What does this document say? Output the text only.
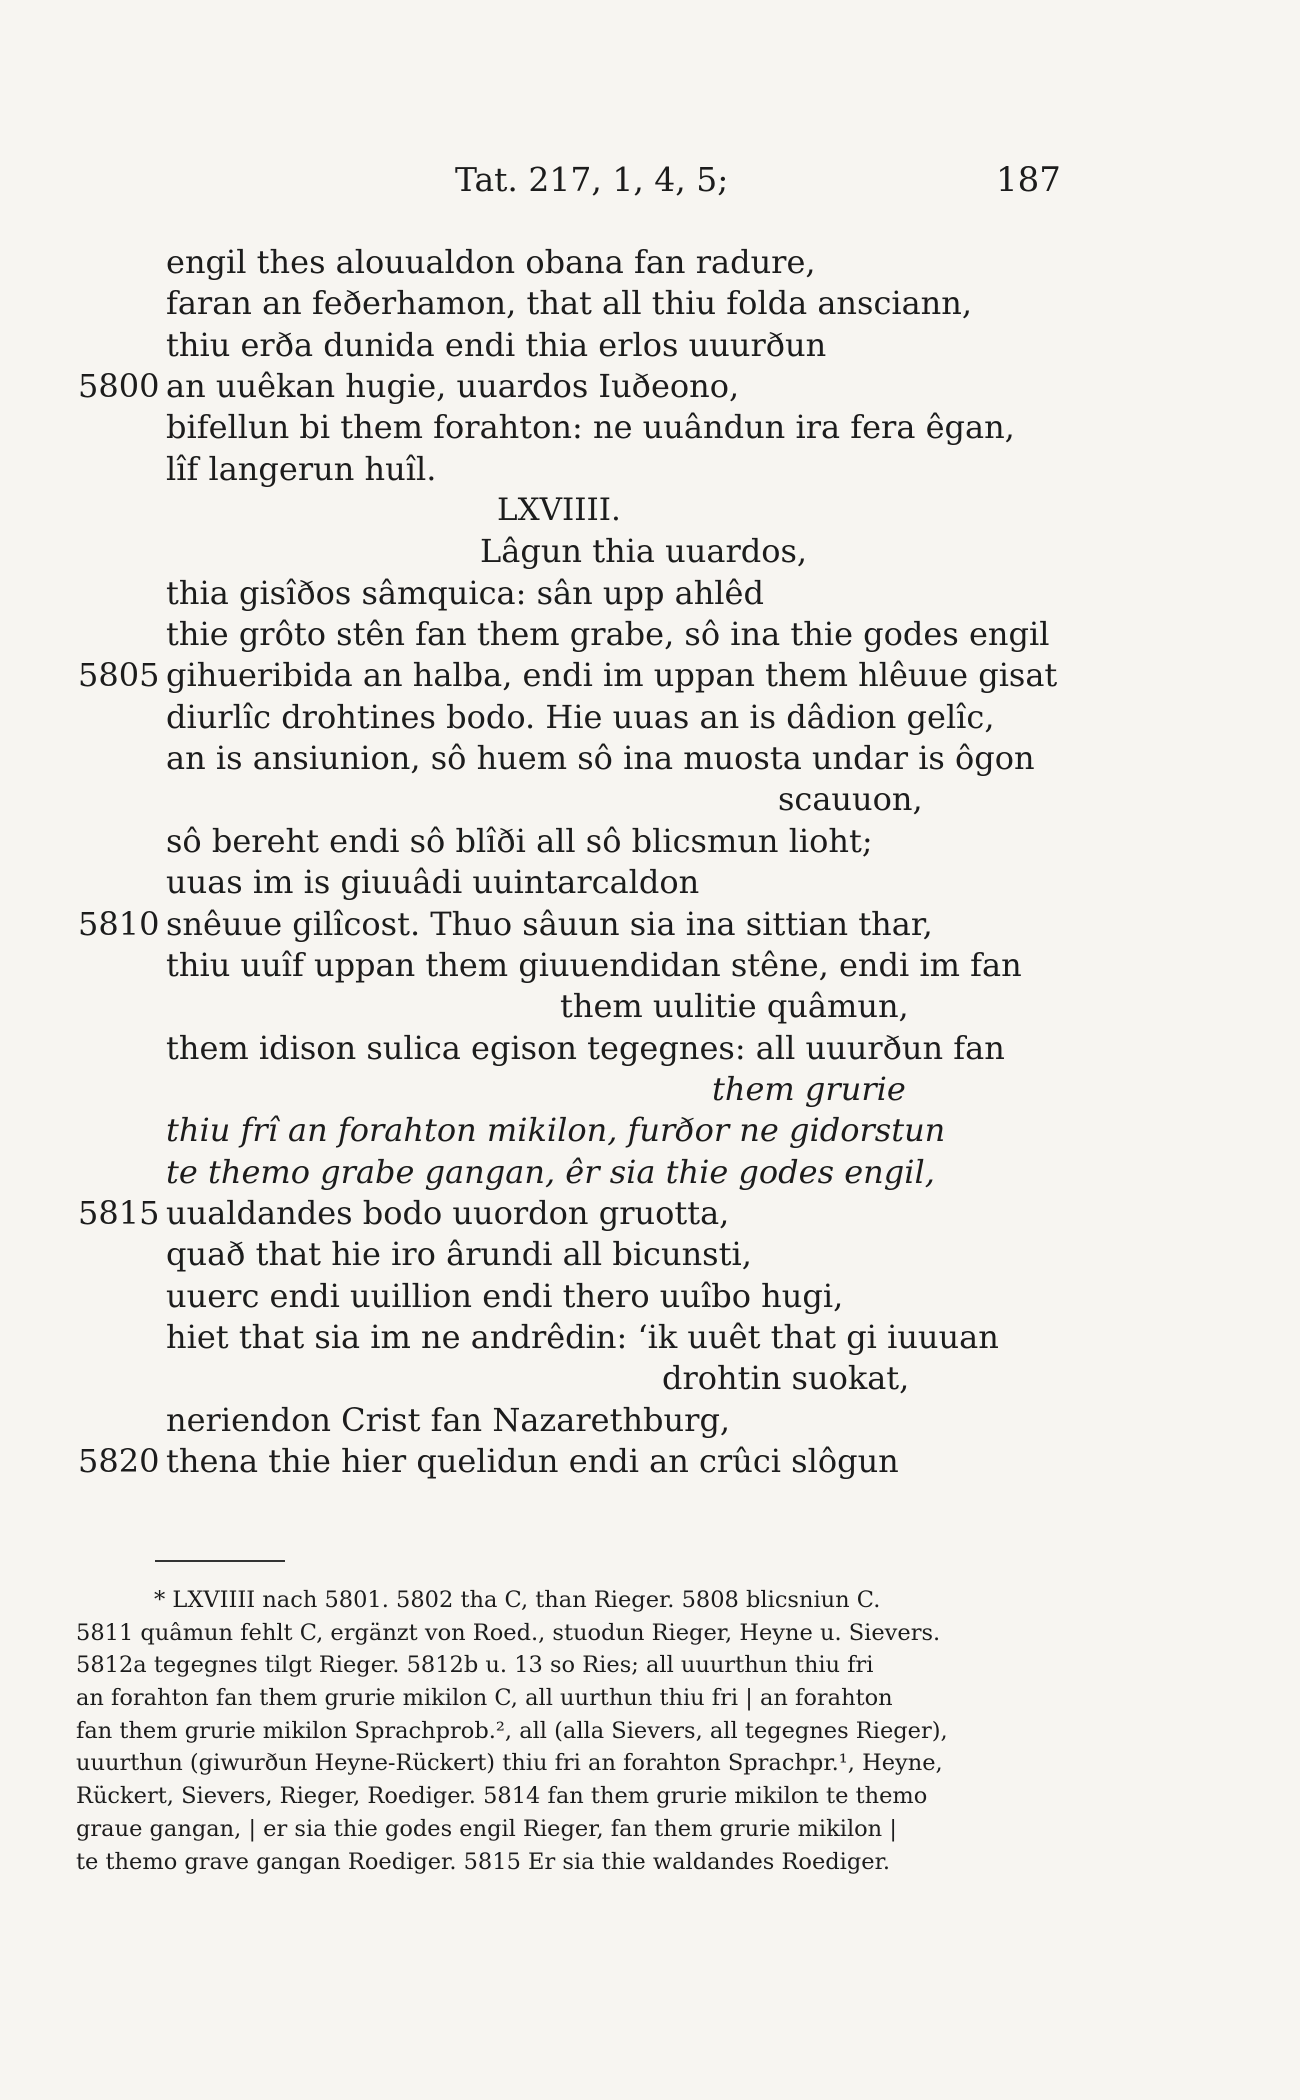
Tat. 217, 1, 4, 5;	187
engil thes alouualdon obana fan radure,
faran an feðerhamon, that all thiu folda ansciann,
thiu erða dunida endi thia erlos uuurðun
5800 an uuêkan hugie, uuardos Iuðeono,
bifellun bi them forahton: ne uuândun ira fera êgan,
lîf langerun huîl.
LXVIIII.
Lâgun thia uuardos,
thia gisîðos sâmquica: sân upp ahlêd
thie grôto stên fan them grabe, sô ina thie godes engil
5805 gihueribida an halba, endi im uppan them hlêuue gisat
diurlîc drohtines bodo. Hie uuas an is dâdion gelîc,
an is ansiunion, sô huem sô ina muosta undar is ôgon
scauuon,
sô bereht endi sô blîði all sô blicsmun lioht;
uuas im is giuuâdi uuintarcaldon
5810 snêuue gilîcost. Thuo sâuun sia ina sittian thar,
thiu uuîf uppan them giuuendidan stêne, endi im fan
them uulitie quâmun,
them idison sulica egison tegegnes: all uuurðun fan
them grurie
thiu frî an forahton mikilon, furðor ne gidorstun
te themo grabe gangan, êr sia thie godes engil,
5815 uualdandes bodo uuordon gruotta,
quað that hie iro ârundi all bicunsti,
uuerc endi uuillion endi thero uuîbo hugi,
hiet that sia im ne andrêdin: ‘ik uuêt that gi iuuuan
drohtin suokat,
neriendon Crist fan Nazarethburg,
5820 thena thie hier quelidun endi an crûci slôgun
* LXVIIII nach 5801. 5802 tha C, than Rieger. 5808 blicsniun C.
5811 quâmun fehlt C, ergänzt von Roed., stuodun Rieger, Heyne u. Sievers.
5812a tegegnes tilgt Rieger. 5812b u. 13 so Ries; all uuurthun thiu fri
an forahton fan them grurie mikilon C, all uurthun thiu fri | an forahton
fan them grurie mikilon Sprachprob.², all (alla Sievers, all tegegnes Rieger),
uuurthun (giwurðun Heyne-Rückert) thiu fri an forahton Sprachpr.¹, Heyne,
Rückert, Sievers, Rieger, Roediger. 5814 fan them grurie mikilon te themo
graue gangan, | er sia thie godes engil Rieger, fan them grurie mikilon |
te themo grave gangan Roediger. 5815 Er sia thie waldandes Roediger.
